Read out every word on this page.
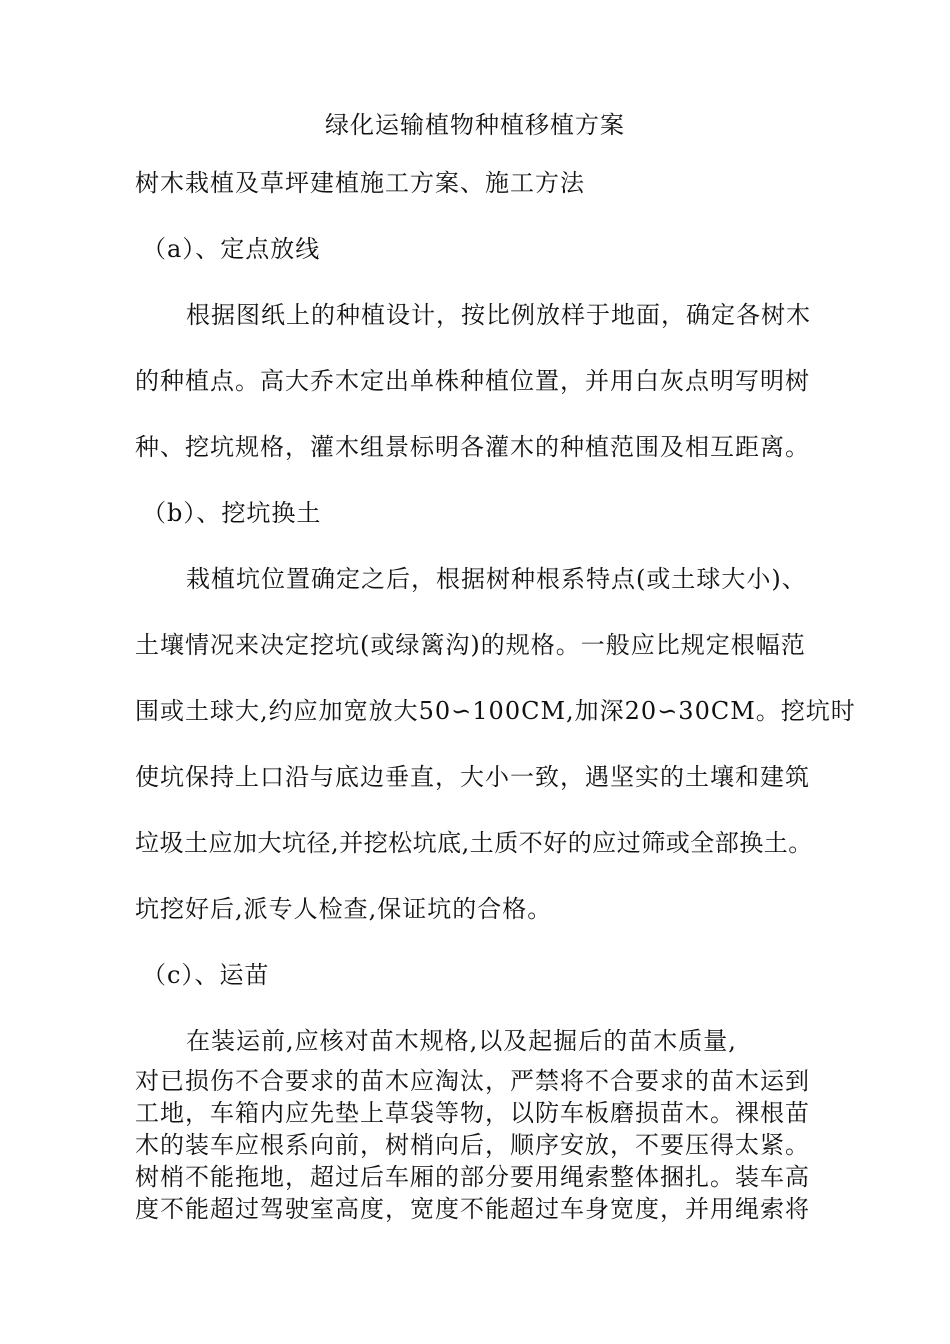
绿化运输植物种植移植方案
树木栽植及草坪建植施工方案、施工方法
（a）、定点放线
根据图纸上的种植设计，按比例放样于地面，确定各树木
的种植点。高大乔木定出单株种植位置，并用白灰点明写明树
种、挖坑规格，灌木组景标明各灌木的种植范围及相互距离。
（b）、挖坑换土
栽植坑位置确定之后，根据树种根系特点(或土球大小)、
土壤情况来决定挖坑(或绿篱沟)的规格。一般应比规定根幅范
围或土球大,约应加宽放大50∽100CM,加深20∽30CM。挖坑时
使坑保持上口沿与底边垂直，大小一致，遇坚实的土壤和建筑
垃圾土应加大坑径,并挖松坑底,土质不好的应过筛或全部换土。
坑挖好后,派专人检查,保证坑的合格。
（c）、运苗
在装运前,应核对苗木规格,以及起掘后的苗木质量,
对已损伤不合要求的苗木应淘汰，严禁将不合要求的苗木运到
工地，车箱内应先垫上草袋等物，以防车板磨损苗木。裸根苗
木的装车应根系向前，树梢向后，顺序安放，不要压得太紧。
树梢不能拖地，超过后车厢的部分要用绳索整体捆扎。装车高
度不能超过驾驶室高度，宽度不能超过车身宽度，并用绳索将
